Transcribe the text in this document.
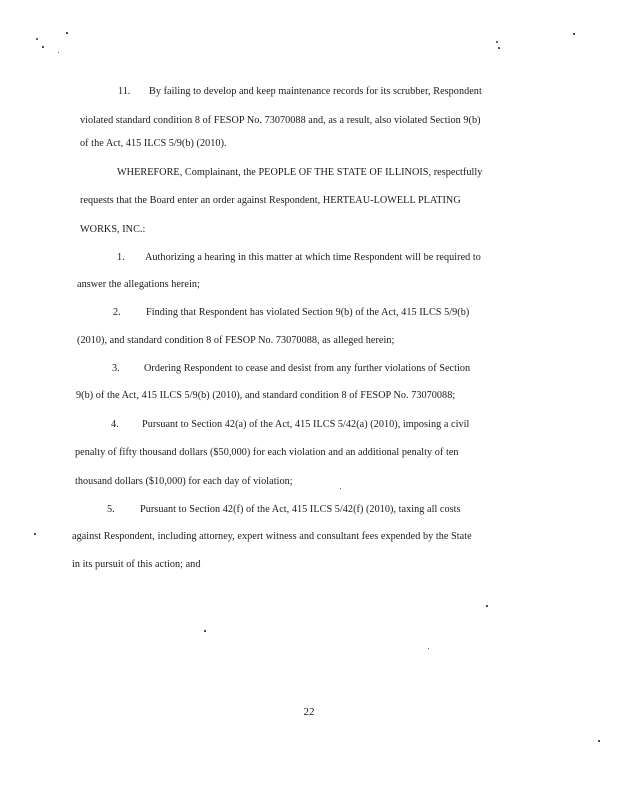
11. By failing to develop and keep maintenance records for its scrubber, Respondent
violated standard condition 8 of FESOP No. 73070088 and, as a result, also violated Section 9(b)
of the Act, 415 ILCS 5/9(b) (2010).
WHEREFORE, Complainant, the PEOPLE OF THE STATE OF ILLINOIS, respectfully
requests that the Board enter an order against Respondent, HERTEAU-LOWELL PLATING
WORKS, INC.:
1. Authorizing a hearing in this matter at which time Respondent will be required to
answer the allegations herein;
2. Finding that Respondent has violated Section 9(b) of the Act, 415 ILCS 5/9(b)
(2010), and standard condition 8 of FESOP No. 73070088, as alleged herein;
3. Ordering Respondent to cease and desist from any further violations of Section
9(b) of the Act, 415 ILCS 5/9(b) (2010), and standard condition 8 of FESOP No. 73070088;
4. Pursuant to Section 42(a) of the Act, 415 ILCS 5/42(a) (2010), imposing a civil
penalty of fifty thousand dollars ($50,000) for each violation and an additional penalty of ten
thousand dollars ($10,000) for each day of violation;
5. Pursuant to Section 42(f) of the Act, 415 ILCS 5/42(f) (2010), taxing all costs
against Respondent, including attorney, expert witness and consultant fees expended by the State
in its pursuit of this action; and
22
